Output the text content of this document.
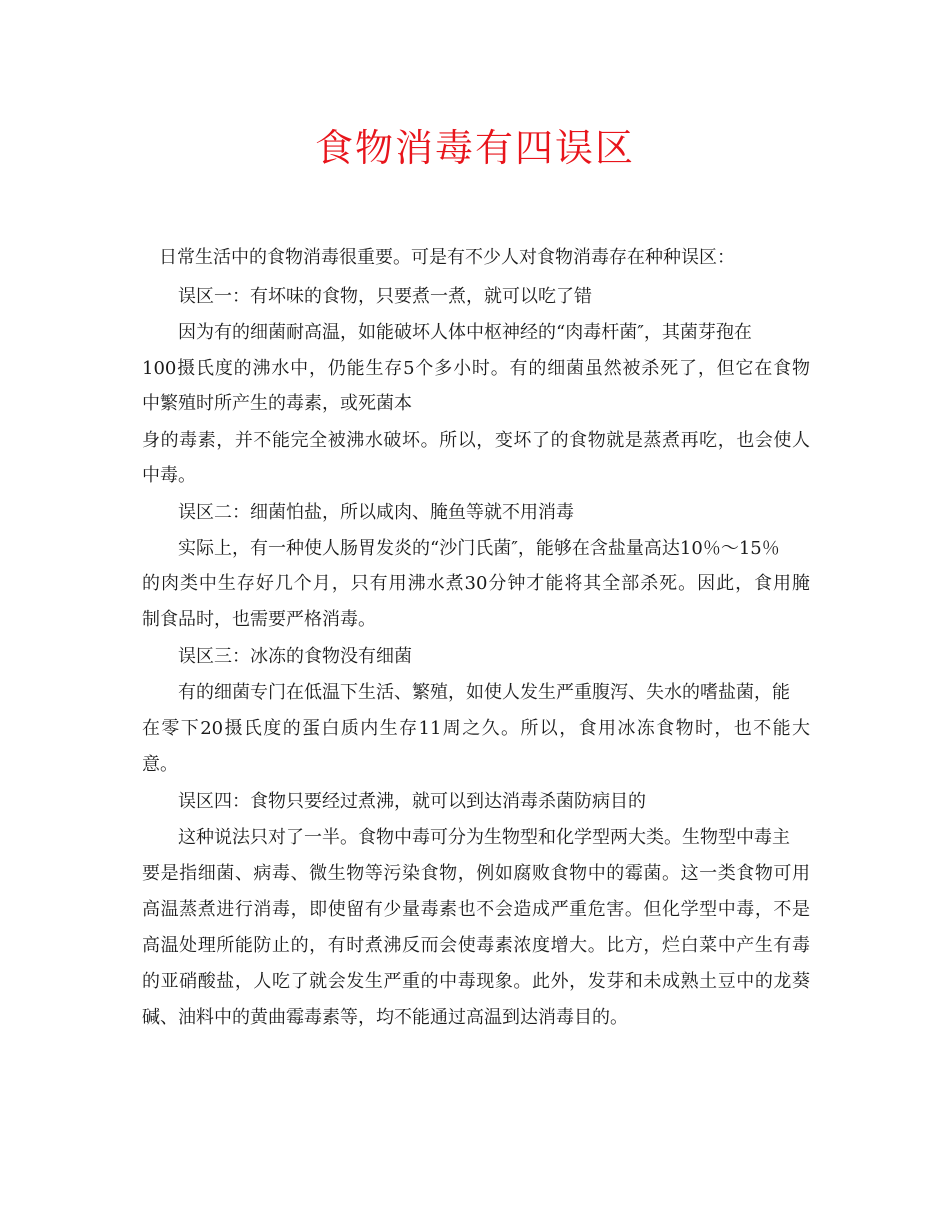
食物消毒有四误区
日常生活中的食物消毒很重要。可是有不少人对食物消毒存在种种误区：
误区一：有坏味的食物，只要煮一煮，就可以吃了错
因为有的细菌耐高温，如能破坏人体中枢神经的“肉毒杆菌″，其菌芽孢在
100摄氏度的沸水中，仍能生存5个多小时。有的细菌虽然被杀死了，但它在食物
中繁殖时所产生的毒素，或死菌本
身的毒素，并不能完全被沸水破坏。所以，变坏了的食物就是蒸煮再吃，也会使人
中毒。
误区二：细菌怕盐，所以咸肉、腌鱼等就不用消毒
实际上，有一种使人肠胃发炎的“沙门氏菌″，能够在含盐量高达10％～15％
的肉类中生存好几个月，只有用沸水煮30分钟才能将其全部杀死。因此，食用腌
制食品时，也需要严格消毒。
误区三：冰冻的食物没有细菌
有的细菌专门在低温下生活、繁殖，如使人发生严重腹泻、失水的嗜盐菌，能
在零下20摄氏度的蛋白质内生存11周之久。所以，食用冰冻食物时，也不能大
意。
误区四：食物只要经过煮沸，就可以到达消毒杀菌防病目的
这种说法只对了一半。食物中毒可分为生物型和化学型两大类。生物型中毒主
要是指细菌、病毒、微生物等污染食物，例如腐败食物中的霉菌。这一类食物可用
高温蒸煮进行消毒，即使留有少量毒素也不会造成严重危害。但化学型中毒，不是
高温处理所能防止的，有时煮沸反而会使毒素浓度增大。比方，烂白菜中产生有毒
的亚硝酸盐，人吃了就会发生严重的中毒现象。此外，发芽和未成熟土豆中的龙葵
碱、油料中的黄曲霉毒素等，均不能通过高温到达消毒目的。
